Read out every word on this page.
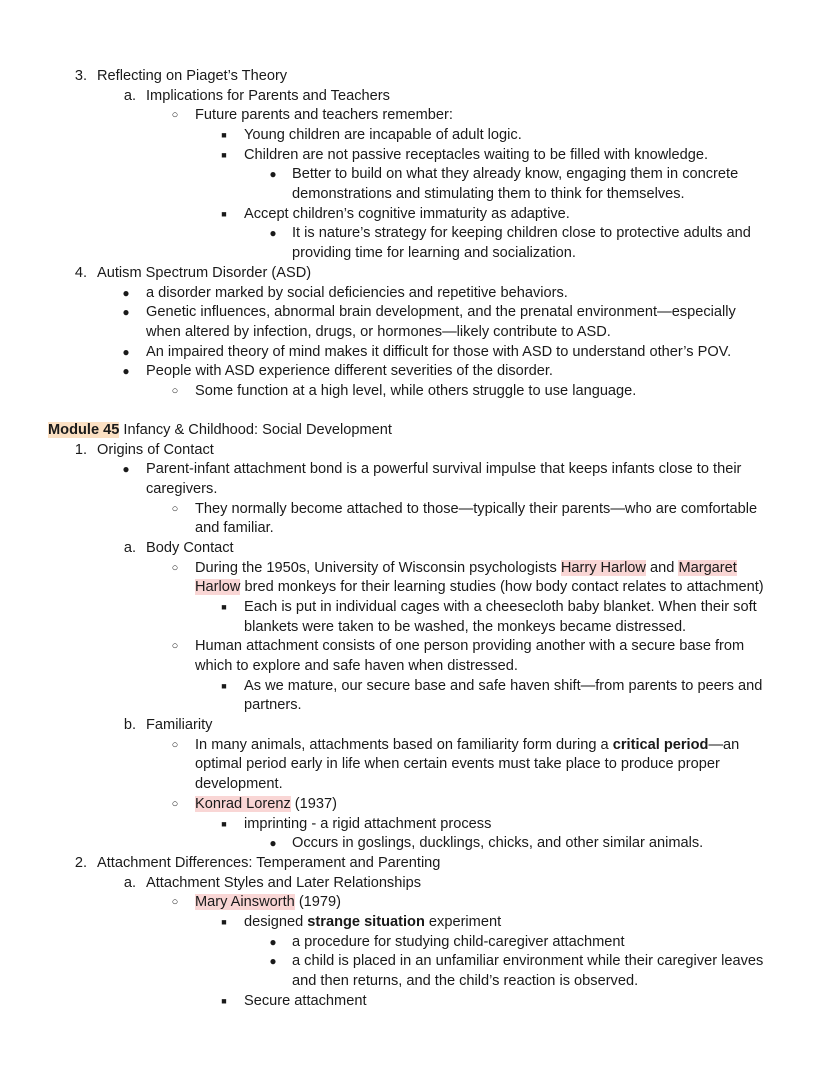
3. Reflecting on Piaget’s Theory
a. Implications for Parents and Teachers
○ Future parents and teachers remember:
■ Young children are incapable of adult logic.
■ Children are not passive receptacles waiting to be filled with knowledge.
● Better to build on what they already know, engaging them in concrete
demonstrations and stimulating them to think for themselves.
■ Accept children’s cognitive immaturity as adaptive.
● It is nature’s strategy for keeping children close to protective adults and
providing time for learning and socialization.
4. Autism Spectrum Disorder (ASD)
● a disorder marked by social deficiencies and repetitive behaviors.
● Genetic influences, abnormal brain development, and the prenatal environment—especially
when altered by infection, drugs, or hormones—likely contribute to ASD.
● An impaired theory of mind makes it difficult for those with ASD to understand other’s POV.
● People with ASD experience different severities of the disorder.
○ Some function at a high level, while others struggle to use language.
Module 45 Infancy & Childhood: Social Development
1. Origins of Contact
● Parent-infant attachment bond is a powerful survival impulse that keeps infants close to their
caregivers.
○ They normally become attached to those—typically their parents—who are comfortable
and familiar.
a. Body Contact
○ During the 1950s, University of Wisconsin psychologists Harry Harlow and Margaret
Harlow bred monkeys for their learning studies (how body contact relates to attachment)
■ Each is put in individual cages with a cheesecloth baby blanket. When their soft
blankets were taken to be washed, the monkeys became distressed.
○ Human attachment consists of one person providing another with a secure base from
which to explore and safe haven when distressed.
■ As we mature, our secure base and safe haven shift—from parents to peers and
partners.
b. Familiarity
○ In many animals, attachments based on familiarity form during a critical period—an
optimal period early in life when certain events must take place to produce proper
development.
○ Konrad Lorenz (1937)
■ imprinting - a rigid attachment process
● Occurs in goslings, ducklings, chicks, and other similar animals.
2. Attachment Differences: Temperament and Parenting
a. Attachment Styles and Later Relationships
○ Mary Ainsworth (1979)
■ designed strange situation experiment
● a procedure for studying child-caregiver attachment
● a child is placed in an unfamiliar environment while their caregiver leaves
and then returns, and the child’s reaction is observed.
■ Secure attachment
